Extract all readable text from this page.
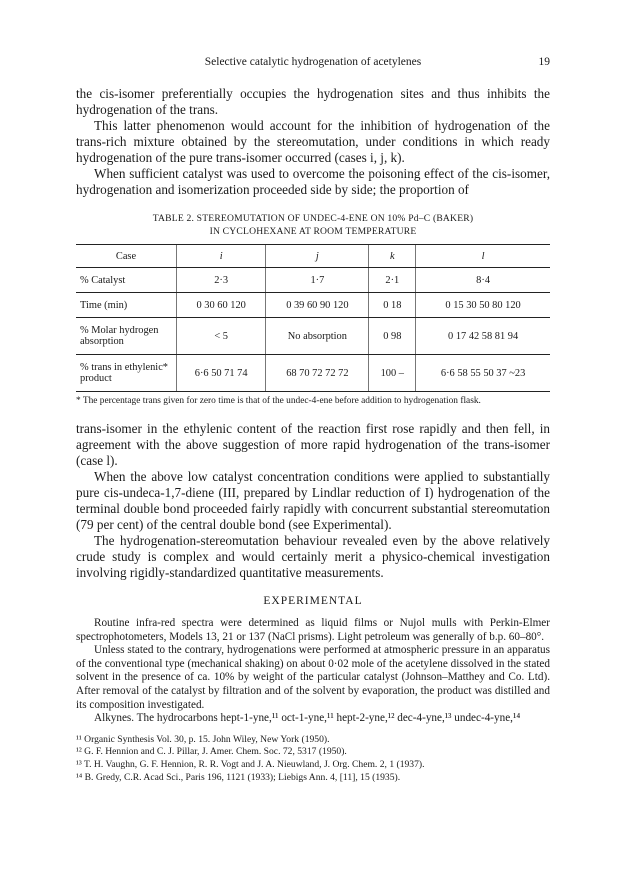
Selective catalytic hydrogenation of acetylenes	19

the cis-isomer preferentially occupies the hydrogenation sites and thus inhibits the hydrogenation of the trans.

This latter phenomenon would account for the inhibition of hydrogenation of the trans-rich mixture obtained by the stereomutation, under conditions in which ready hydrogenation of the pure trans-isomer occurred (cases i, j, k).

When sufficient catalyst was used to overcome the poisoning effect of the cis-isomer, hydrogenation and isomerization proceeded side by side; the proportion of

TABLE 2. STEREOMUTATION OF UNDEC-4-ENE ON 10% Pd–C (BAKER)
IN CYCLOHEXANE AT ROOM TEMPERATURE
Case	i	j	k	l
% Catalyst	2·3	1·7	2·1	8·4
Time (min)	0 30 60 120	0 39 60 90 120	0 18	0 15 30 50 80 120
% Molar hydrogen absorption	< 5	No absorption	0 98	0 17 42 58 81 94
% trans in ethylenic* product	6·6 50 71 74	68 70 72 72 72	100 –	6·6 58 55 50 37 ~23
* The percentage trans given for zero time is that of the undec-4-ene before addition to hydrogenation flask.

trans-isomer in the ethylenic content of the reaction first rose rapidly and then fell, in agreement with the above suggestion of more rapid hydrogenation of the trans-isomer (case l).

When the above low catalyst concentration conditions were applied to substantially pure cis-undeca-1,7-diene (III, prepared by Lindlar reduction of I) hydrogenation of the terminal double bond proceeded fairly rapidly with concurrent substantial stereomutation (79 per cent) of the central double bond (see Experimental).

The hydrogenation-stereomutation behaviour revealed even by the above relatively crude study is complex and would certainly merit a physico-chemical investigation involving rigidly-standardized quantitative measurements.

EXPERIMENTAL

Routine infra-red spectra were determined as liquid films or Nujol mulls with Perkin-Elmer spectrophotometers, Models 13, 21 or 137 (NaCl prisms). Light petroleum was generally of b.p. 60–80°.

Unless stated to the contrary, hydrogenations were performed at atmospheric pressure in an apparatus of the conventional type (mechanical shaking) on about 0·02 mole of the acetylene dissolved in the stated solvent in the presence of ca. 10% by weight of the particular catalyst (Johnson–Matthey and Co. Ltd). After removal of the catalyst by filtration and of the solvent by evaporation, the product was distilled and its composition investigated.

Alkynes. The hydrocarbons hept-1-yne,¹¹ oct-1-yne,¹¹ hept-2-yne,¹² dec-4-yne,¹³ undec-4-yne,¹⁴

¹¹ Organic Synthesis Vol. 30, p. 15. John Wiley, New York (1950).
¹² G. F. Hennion and C. J. Pillar, J. Amer. Chem. Soc. 72, 5317 (1950).
¹³ T. H. Vaughn, G. F. Hennion, R. R. Vogt and J. A. Nieuwland, J. Org. Chem. 2, 1 (1937).
¹⁴ B. Gredy, C.R. Acad Sci., Paris 196, 1121 (1933); Liebigs Ann. 4, [11], 15 (1935).
